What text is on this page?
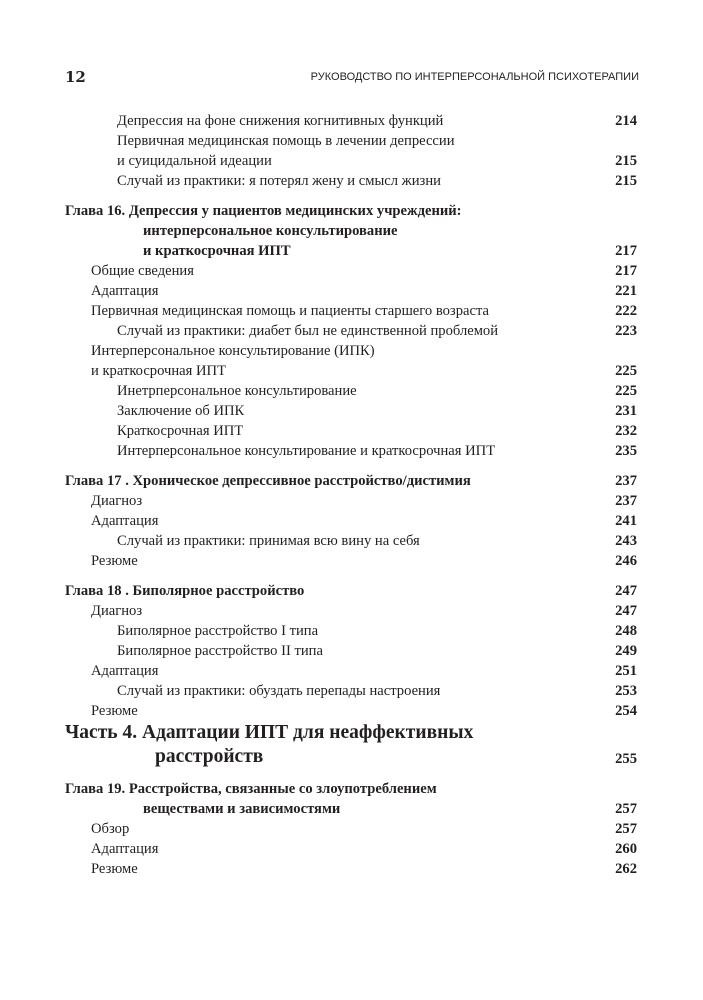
12	РУКОВОДСТВО ПО ИНТЕРПЕРСОНАЛЬНОЙ ПСИХОТЕРАПИИ
Депрессия на фоне снижения когнитивных функций	214
Первичная медицинская помощь в лечении депрессии
и суицидальной идеации	215
Случай из практики: я потерял жену и смысл жизни	215
Глава 16. Депрессия у пациентов медицинских учреждений:
интерперсональное консультирование
и краткосрочная ИПТ	217
Общие сведения	217
Адаптация	221
Первичная медицинская помощь и пациенты старшего возраста	222
Случай из практики: диабет был не единственной проблемой	223
Интерперсональное консультирование (ИПК)
и краткосрочная ИПТ	225
Инетрперсональное консультирование	225
Заключение об ИПК	231
Краткосрочная ИПТ	232
Интерперсональное консультирование и краткосрочная ИПТ	235
Глава 17 . Хроническое депрессивное расстройство/дистимия	237
Диагноз	237
Адаптация	241
Случай из практики: принимая всю вину на себя	243
Резюме	246
Глава 18 . Биполярное расстройство	247
Диагноз	247
Биполярное расстройство I типа	248
Биполярное расстройство II типа	249
Адаптация	251
Случай из практики: обуздать перепады настроения	253
Резюме	254
Часть 4. Адаптации ИПТ для неаффективных
расстройств	255
Глава 19. Расстройства, связанные со злоупотреблением
веществами и зависимостями	257
Обзор	257
Адаптация	260
Резюме	262
